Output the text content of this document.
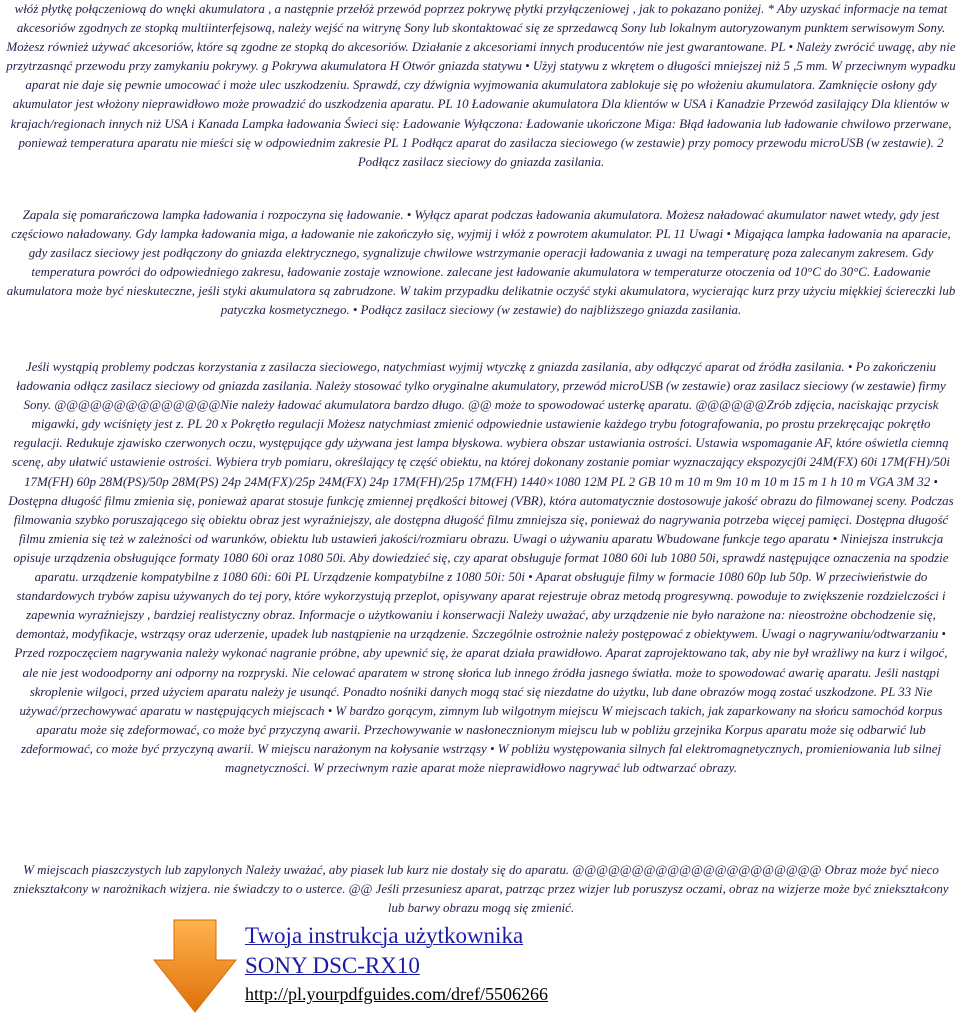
włóż płytkę połączeniową do wnęki akumulatora , a następnie przełóż przewód poprzez pokrywę płytki przyłączeniowej , jak to pokazano poniżej. * Aby uzyskać informacje na temat akcesoriów zgodnych ze stopką multiinterfejsową, należy wejść na witrynę Sony lub skontaktować się ze sprzedawcą Sony lub lokalnym autoryzowanym punktem serwisowym Sony. Możesz również używać akcesoriów, które są zgodne ze stopką do akcesoriów. Działanie z akcesoriami innych producentów nie jest gwarantowane. PL • Należy zwrócić uwagę, aby nie przytrzasnąć przewodu przy zamykaniu pokrywy. g Pokrywa akumulatora H Otwór gniazda statywu • Użyj statywu z wkrętem o długości mniejszej niż 5 ,5 mm. W przeciwnym wypadku aparat nie daje się pewnie umocować i może ulec uszkodzeniu. Sprawdź, czy dźwignia wyjmowania akumulatora zablokuje się po włożeniu akumulatora. Zamknięcie osłony gdy akumulator jest włożony nieprawidłowo może prowadzić do uszkodzenia aparatu. PL 10 Ładowanie akumulatora Dla klientów w USA i Kanadzie Przewód zasilający Dla klientów w krajach/regionach innych niż USA i Kanada Lampka ładowania Świeci się: Ładowanie Wyłączona: Ładowanie ukończone Miga: Błąd ładowania lub ładowanie chwilowo przerwane, ponieważ temperatura aparatu nie mieści się w odpowiednim zakresie PL 1 Podłącz aparat do zasilacza sieciowego (w zestawie) przy pomocy przewodu microUSB (w zestawie). 2 Podłącz zasilacz sieciowy do gniazda zasilania.

Zapala się pomarańczowa lampka ładowania i rozpoczyna się ładowanie. • Wyłącz aparat podczas ładowania akumulatora. Możesz naładować akumulator nawet wtedy, gdy jest częściowo naładowany. Gdy lampka ładowania miga, a ładowanie nie zakończyło się, wyjmij i włóż z powrotem akumulator. PL 11 Uwagi • Migająca lampka ładowania na aparacie, gdy zasilacz sieciowy jest podłączony do gniazda elektrycznego, sygnalizuje chwilowe wstrzymanie operacji ładowania z uwagi na temperaturę poza zalecanym zakresem. Gdy temperatura powróci do odpowiedniego zakresu, ładowanie zostaje wznowione. zalecane jest ładowanie akumulatora w temperaturze otoczenia od 10°C do 30°C. Ładowanie akumulatora może być nieskuteczne, jeśli styki akumulatora są zabrudzone. W takim przypadku delikatnie oczyść styki akumulatora, wycierając kurz przy użyciu miękkiej ściereczki lub patyczka kosmetycznego. • Podłącz zasilacz sieciowy (w zestawie) do najbliższego gniazda zasilania.

Jeśli wystąpią problemy podczas korzystania z zasilacza sieciowego, natychmiast wyjmij wtyczkę z gniazda zasilania, aby odłączyć aparat od źródła zasilania. • Po zakończeniu ładowania odłącz zasilacz sieciowy od gniazda zasilania. Należy stosować tylko oryginalne akumulatory, przewód microUSB (w zestawie) oraz zasilacz sieciowy (w zestawie) firmy Sony. @@@@@@@@@@@@@@Nie należy ładować akumulatora bardzo długo. @@ może to spowodować usterkę aparatu. @@@@@@Zrób zdjęcia, naciskając przycisk migawki, gdy wciśnięty jest z. PL 20 x Pokrętło regulacji Możesz natychmiast zmienić odpowiednie ustawienie każdego trybu fotografowania, po prostu przekręcając pokrętło regulacji. Redukuje zjawisko czerwonych oczu, występujące gdy używana jest lampa błyskowa. wybiera obszar ustawiania ostrości. Ustawia wspomaganie AF, które oświetla ciemną scenę, aby ułatwić ustawienie ostrości. Wybiera tryb pomiaru, określający tę część obiektu, na której dokonany zostanie pomiar wyznaczający ekspozycj0i 24M(FX) 60i 17M(FH)/50i 17M(FH) 60p 28M(PS)/50p 28M(PS) 24p 24M(FX)/25p 24M(FX) 24p 17M(FH)/25p 17M(FH) 1440×1080 12M PL 2 GB 10 m 10 m 9m 10 m 10 m 15 m 1 h 10 m VGA 3M 32 • Dostępna długość filmu zmienia się, ponieważ aparat stosuje funkcję zmiennej prędkości bitowej (VBR), która automatycznie dostosowuje jakość obrazu do filmowanej sceny. Podczas filmowania szybko poruszającego się obiektu obraz jest wyraźniejszy, ale dostępna długość filmu zmniejsza się, ponieważ do nagrywania potrzeba więcej pamięci. Dostępna długość filmu zmienia się też w zależności od warunków, obiektu lub ustawień jakości/rozmiaru obrazu. Uwagi o używaniu aparatu Wbudowane funkcje tego aparatu • Niniejsza instrukcja opisuje urządzenia obsługujące formaty 1080 60i oraz 1080 50i. Aby dowiedzieć się, czy aparat obsługuje format 1080 60i lub 1080 50i, sprawdź następujące oznaczenia na spodzie aparatu. urządzenie kompatybilne z 1080 60i: 60i PL Urządzenie kompatybilne z 1080 50i: 50i • Aparat obsługuje filmy w formacie 1080 60p lub 50p. W przeciwieństwie do standardowych trybów zapisu używanych do tej pory, które wykorzystują przeplot, opisywany aparat rejestruje obraz metodą progresywną. powoduje to zwiększenie rozdzielczości i zapewnia wyraźniejszy , bardziej realistyczny obraz. Informacje o użytkowaniu i konserwacji Należy uważać, aby urządzenie nie było narażone na: nieostrożne obchodzenie się, demontaż, modyfikacje, wstrząsy oraz uderzenie, upadek lub nastąpienie na urządzenie. Szczególnie ostrożnie należy postępować z obiektywem. Uwagi o nagrywaniu/odtwarzaniu • Przed rozpoczęciem nagrywania należy wykonać nagranie próbne, aby upewnić się, że aparat działa prawidłowo. Aparat zaprojektowano tak, aby nie był wrażliwy na kurz i wilgoć, ale nie jest wodoodporny ani odporny na rozpryski. Nie celować aparatem w stronę słońca lub innego źródła jasnego światła. może to spowodować awarię aparatu. Jeśli nastąpi skroplenie wilgoci, przed użyciem aparatu należy je usunąć. Ponadto nośniki danych mogą stać się niezdatne do użytku, lub dane obrazów mogą zostać uszkodzone. PL 33 Nie używać/przechowywać aparatu w następujących miejscach • W bardzo gorącym, zimnym lub wilgotnym miejscu W miejscach takich, jak zaparkowany na słońcu samochód korpus aparatu może się zdeformować, co może być przyczyną awarii. Przechowywanie w nasłonecznionym miejscu lub w pobliżu grzejnika Korpus aparatu może się odbarwić lub zdeformować, co może być przyczyną awarii. W miejscu narażonym na kołysanie wstrząsy • W pobliżu występowania silnych fal elektromagnetycznych, promieniowania lub silnej magnetyczności. W przeciwnym razie aparat może nieprawidłowo nagrywać lub odtwarzać obrazy.

W miejscach piaszczystych lub zapylonych Należy uważać, aby piasek lub kurz nie dostały się do aparatu. @@@@@@@@@@@@@@@@@@@@@ Obraz może być nieco zniekształcony w narożnikach wizjera. nie świadczy to o usterce. @@ Jeśli przesuniesz aparat, patrząc przez wizjer lub poruszysz oczami, obraz na wizjerze może być zniekształcony lub barwy obrazu mogą się zmienić.

Twoja instrukcja użytkownika
SONY DSC-RX10
http://pl.yourpdfguides.com/dref/5506266
